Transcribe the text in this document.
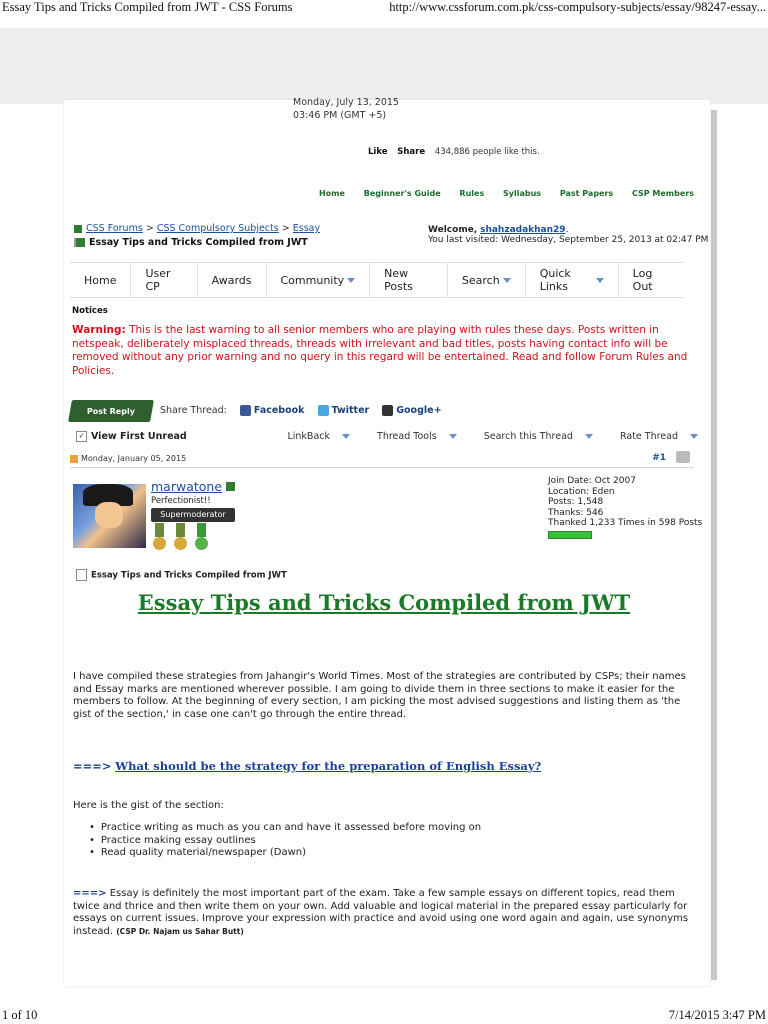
Essay Tips and Tricks Compiled from JWT - CSS Forums	http://www.cssforum.com.pk/css-compulsory-subjects/essay/98247-essay...
Monday, July 13, 2015
03:46 PM (GMT +5)
Like Share 434,886 people like this.
Home Beginner's Guide Rules Syllabus Past Papers CSP Members
CSS Forums > CSS Compulsory Subjects > Essay
Essay Tips and Tricks Compiled from JWT
Welcome, shahzadakhan29.
You last visited: Wednesday, September 25, 2013 at 02:47 PM
Home	User CP	Awards	Community	New Posts	Search	Quick Links
Log Out
Notices
Warning: This is the last warning to all senior members who are playing with rules these days. Posts written in netspeak, deliberately misplaced threads, threads with irrelevant and bad titles, posts having contact info will be removed without any prior warning and no query in this regard will be entertained. Read and follow Forum Rules and Policies.
Post Reply	Share Thread:	Facebook	Twitter	Google+
✓ View First Unread	LinkBack	Thread Tools	Search this Thread	Rate Thread
Monday, January 05, 2015	#1
marwatone
Perfectionist!!
Supermoderator

Join Date: Oct 2007
Location: Eden
Posts: 1,548
Thanks: 546
Thanked 1,233 Times in 598 Posts
Essay Tips and Tricks Compiled from JWT
Essay Tips and Tricks Compiled from JWT
I have compiled these strategies from Jahangir's World Times. Most of the strategies are contributed by CSPs; their names and Essay marks are mentioned wherever possible. I am going to divide them in three sections to make it easier for the members to follow. At the beginning of every section, I am picking the most advised suggestions and listing them as 'the gist of the section,' in case one can't go through the entire thread.
===> What should be the strategy for the preparation of English Essay?
Here is the gist of the section:
• Practice writing as much as you can and have it assessed before moving on
• Practice making essay outlines
• Read quality material/newspaper (Dawn)
===> Essay is definitely the most important part of the exam. Take a few sample essays on different topics, read them twice and thrice and then write them on your own. Add valuable and logical material in the prepared essay particularly for essays on current issues. Improve your expression with practice and avoid using one word again and again, use synonyms instead. (CSP Dr. Najam us Sahar Butt)
1 of 10	7/14/2015 3:47 PM
